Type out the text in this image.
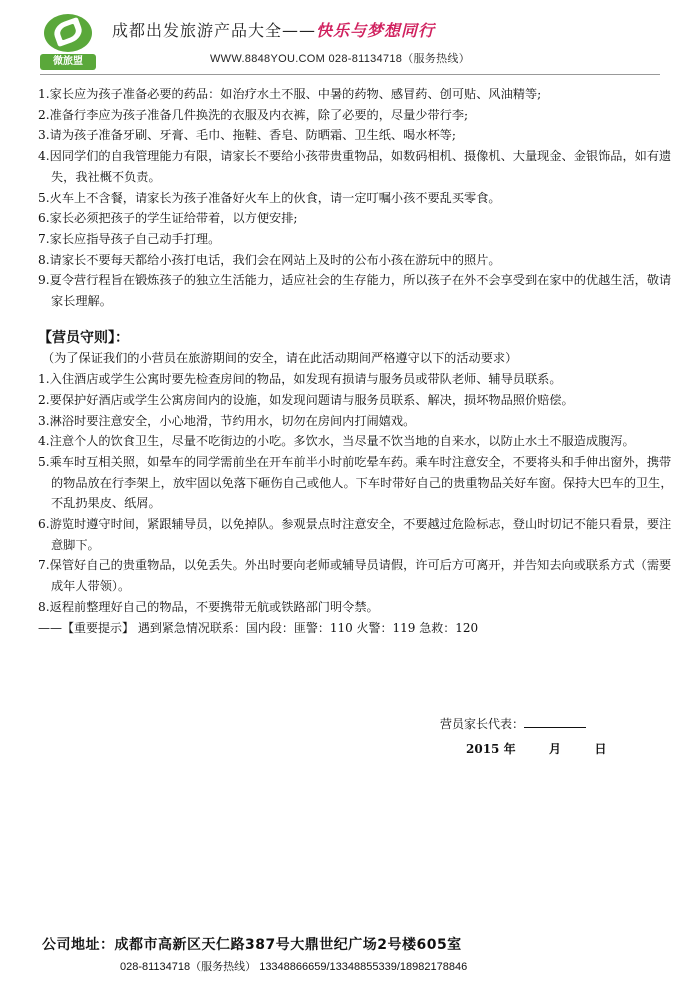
微旅盟
成都出发旅游产品大全——快乐与梦想同行
WWW.8848YOU.COM 028-81134718（服务热线）

1.家长应为孩子准备必要的药品：如治疗水土不服、中暑的药物、感冒药、创可贴、风油精等;

2.准备行李应为孩子准备几件换洗的衣服及内衣裤，除了必要的，尽量少带行李;

3.请为孩子准备牙刷、牙膏、毛巾、拖鞋、香皂、防晒霜、卫生纸、喝水杯等;

4.因同学们的自我管理能力有限，请家长不要给小孩带贵重物品，如数码相机、摄像机、大量现金、金银饰品，如有遗失，我社概不负责。

5.火车上不含餐，请家长为孩子准备好火车上的伙食，请一定叮嘱小孩不要乱买零食。

6.家长必须把孩子的学生证给带着，以方便安排;

7.家长应指导孩子自己动手打理。

8.请家长不要每天都给小孩打电话，我们会在网站上及时的公布小孩在游玩中的照片。

9.夏令营行程旨在锻炼孩子的独立生活能力，适应社会的生存能力，所以孩子在外不会享受到在家中的优越生活，敬请家长理解。

【营员守则】：

（为了保证我们的小营员在旅游期间的安全，请在此活动期间严格遵守以下的活动要求）

1.入住酒店或学生公寓时要先检查房间的物品，如发现有损请与服务员或带队老师、辅导员联系。

2.要保护好酒店或学生公寓房间内的设施，如发现问题请与服务员联系、解决，损坏物品照价赔偿。

3.淋浴时要注意安全，小心地滑，节约用水，切勿在房间内打闹嬉戏。

4.注意个人的饮食卫生，尽量不吃街边的小吃。多饮水，当尽量不饮当地的自来水，以防止水土不服造成腹泻。

5.乘车时互相关照，如晕车的同学需前坐在开车前半小时前吃晕车药。乘车时注意安全，不要将头和手伸出窗外，携带的物品放在行李架上，放牢固以免落下砸伤自己或他人。下车时带好自己的贵重物品关好车窗。保持大巴车的卫生，不乱扔果皮、纸屑。

6.游览时遵守时间，紧跟辅导员，以免掉队。参观景点时注意安全，不要越过危险标志，登山时切记不能只看景，要注意脚下。

7.保管好自己的贵重物品，以免丢失。外出时要向老师或辅导员请假，许可后方可离开，并告知去向或联系方式（需要成年人带领）。

8.返程前整理好自己的物品，不要携带无航或铁路部门明令禁。

——【重要提示】 遇到紧急情况联系：国内段：匪警：110 火警：119 急救：120

营员家长代表：
2015 年	月	日
公司地址：成都市高新区天仁路387号大鼎世纪广场2号楼605室
028-81134718（服务热线） 13348866659/13348855339/18982178846
